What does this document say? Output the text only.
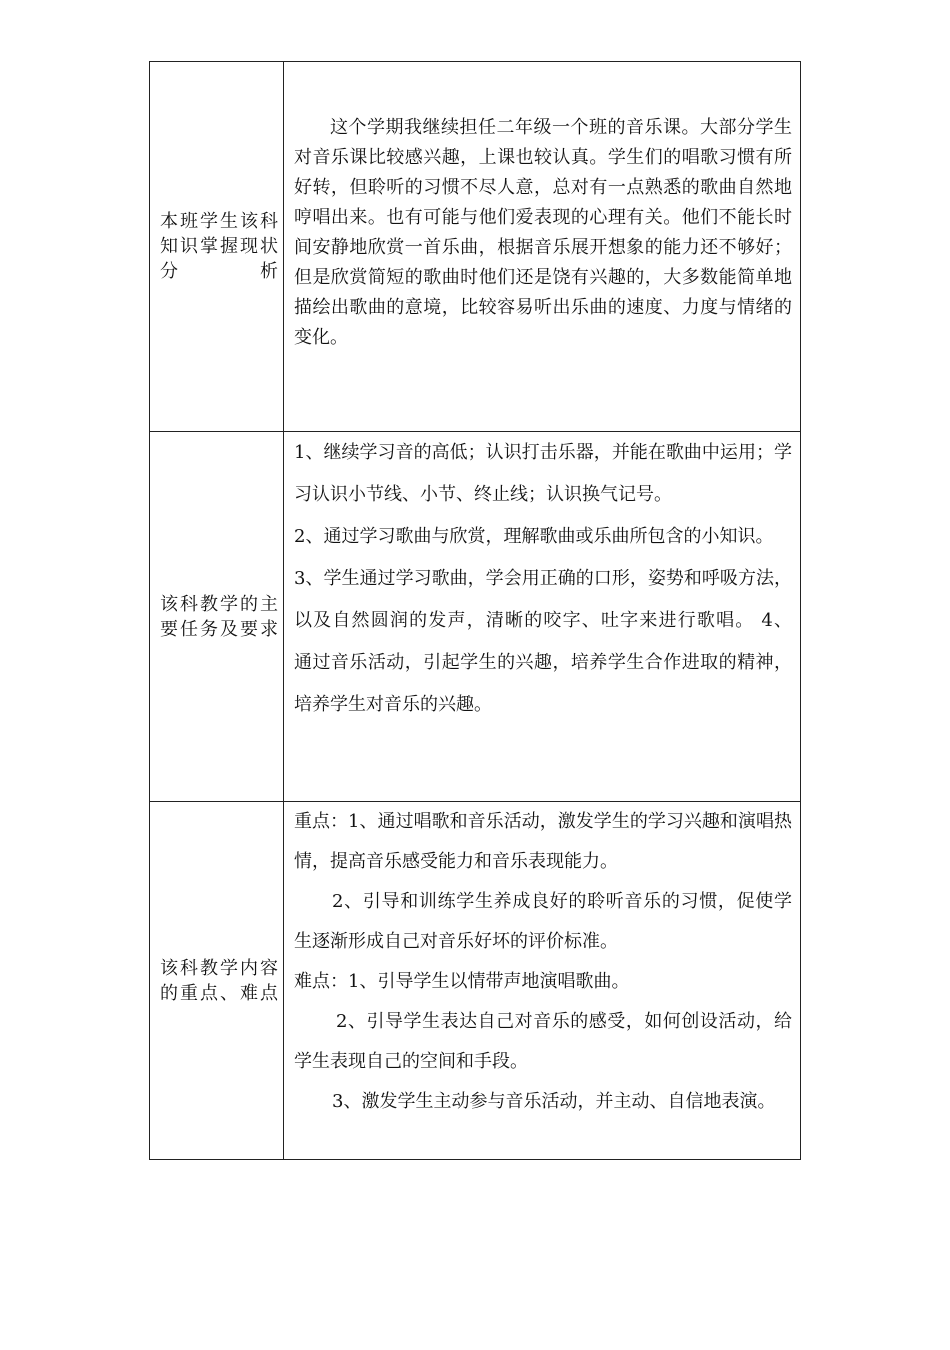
本班学生该科知识掌握现状分析	这个学期我继续担任二年级一个班的音乐课。大部分学生对音乐课比较感兴趣，上课也较认真。学生们的唱歌习惯有所好转，但聆听的习惯不尽人意，总对有一点熟悉的歌曲自然地哼唱出来。也有可能与他们爱表现的心理有关。他们不能长时间安静地欣赏一首乐曲，根据音乐展开想象的能力还不够好；但是欣赏简短的歌曲时他们还是饶有兴趣的，大多数能简单地描绘出歌曲的意境，比较容易听出乐曲的速度、力度与情绪的变化。

该科教学的主要任务及要求	1、继续学习音的高低；认识打击乐器，并能在歌曲中运用；学习认识小节线、小节、终止线；认识换气记号。

2、通过学习歌曲与欣赏，理解歌曲或乐曲所包含的小知识。

3、学生通过学习歌曲，学会用正确的口形，姿势和呼吸方法，以及自然圆润的发声，清晰的咬字、吐字来进行歌唱。 4、

通过音乐活动，引起学生的兴趣，培养学生合作进取的精神，培养学生对音乐的兴趣。

该科教学内容的重点、难点	重点：1、通过唱歌和音乐活动，激发学生的学习兴趣和演唱热情，提高音乐感受能力和音乐表现能力。

2、引导和训练学生养成良好的聆听音乐的习惯，促使学生逐渐形成自己对音乐好坏的评价标准。

难点：1、引导学生以情带声地演唱歌曲。

2、引导学生表达自己对音乐的感受，如何创设活动，给学生表现自己的空间和手段。

3、激发学生主动参与音乐活动，并主动、自信地表演。
